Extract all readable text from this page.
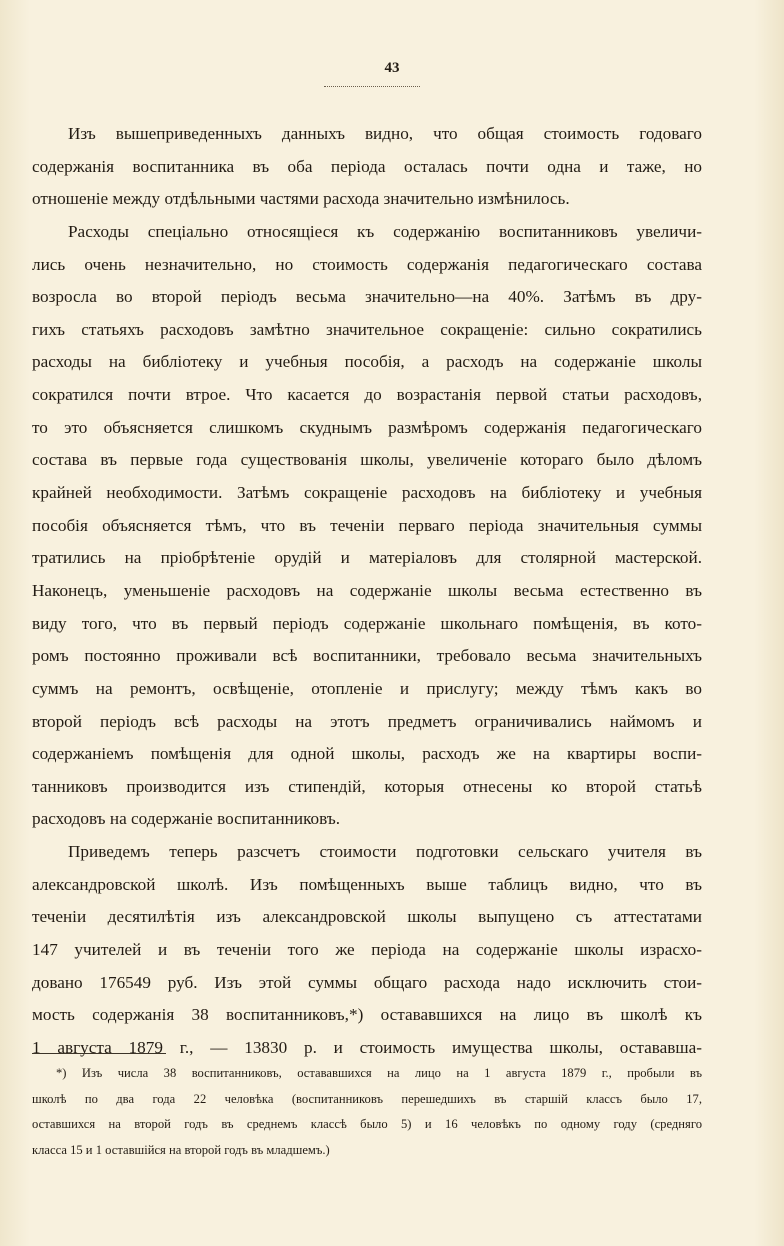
43
Изъ вышеприведенныхъ данныхъ видно, что общая стоимость годоваго
содержанія воспитанника въ оба періода осталась почти одна и таже, но
отношеніе между отдѣльными частями расхода значительно измѣнилось.
Расходы спеціально относящіеся къ содержанію воспитанниковъ увеличи-
лись очень незначительно, но стоимость содержанія педагогическаго состава
возросла во второй періодъ весьма значительно—на 40%. Затѣмъ въ дру-
гихъ статьяхъ расходовъ замѣтно значительное сокращеніе: сильно сократились
расходы на библіотеку и учебныя пособія, а расходъ на содержаніе школы
сократился почти втрое. Что касается до возрастанія первой статьи расходовъ,
то это объясняется слишкомъ скуднымъ размѣромъ содержанія педагогическаго
состава въ первые года существованія школы, увеличеніе котораго было дѣломъ
крайней необходимости. Затѣмъ сокращеніе расходовъ на библіотеку и учебныя
пособія объясняется тѣмъ, что въ теченіи перваго періода значительныя суммы
тратились на пріобрѣтеніе орудій и матеріаловъ для столярной мастерской.
Наконецъ, уменьшеніе расходовъ на содержаніе школы весьма естественно въ
виду того, что въ первый періодъ содержаніе школьнаго помѣщенія, въ кото-
ромъ постоянно проживали всѣ воспитанники, требовало весьма значительныхъ
суммъ на ремонтъ, освѣщеніе, отопленіе и прислугу; между тѣмъ какъ во
второй періодъ всѣ расходы на этотъ предметъ ограничивались наймомъ и
содержаніемъ помѣщенія для одной школы, расходъ же на квартиры воспи-
танниковъ производится изъ стипендій, которыя отнесены ко второй статьѣ
расходовъ на содержаніе воспитанниковъ.
Приведемъ теперь разсчетъ стоимости подготовки сельскаго учителя въ
александровской школѣ. Изъ помѣщенныхъ выше таблицъ видно, что въ
теченіи десятилѣтія изъ александровской школы выпущено съ аттестатами
147 учителей и въ теченіи того же періода на содержаніе школы израсхо-
довано 176549 руб. Изъ этой суммы общаго расхода надо исключить стои-
мость содержанія 38 воспитанниковъ,*) остававшихся на лицо въ школѣ къ
1 августа 1879 г., — 13830 р. и стоимость имущества школы, остававша-
*) Изъ числа 38 воспитанниковъ, остававшихся на лицо на 1 августа 1879 г., пробыли въ
школѣ по два года 22 человѣка (воспитанниковъ перешедшихъ въ старшій классъ было 17,
оставшихся на второй годъ въ среднемъ классѣ было 5) и 16 человѣкъ по одному году (средняго
класса 15 и 1 оставшійся на второй годъ въ младшемъ.)
